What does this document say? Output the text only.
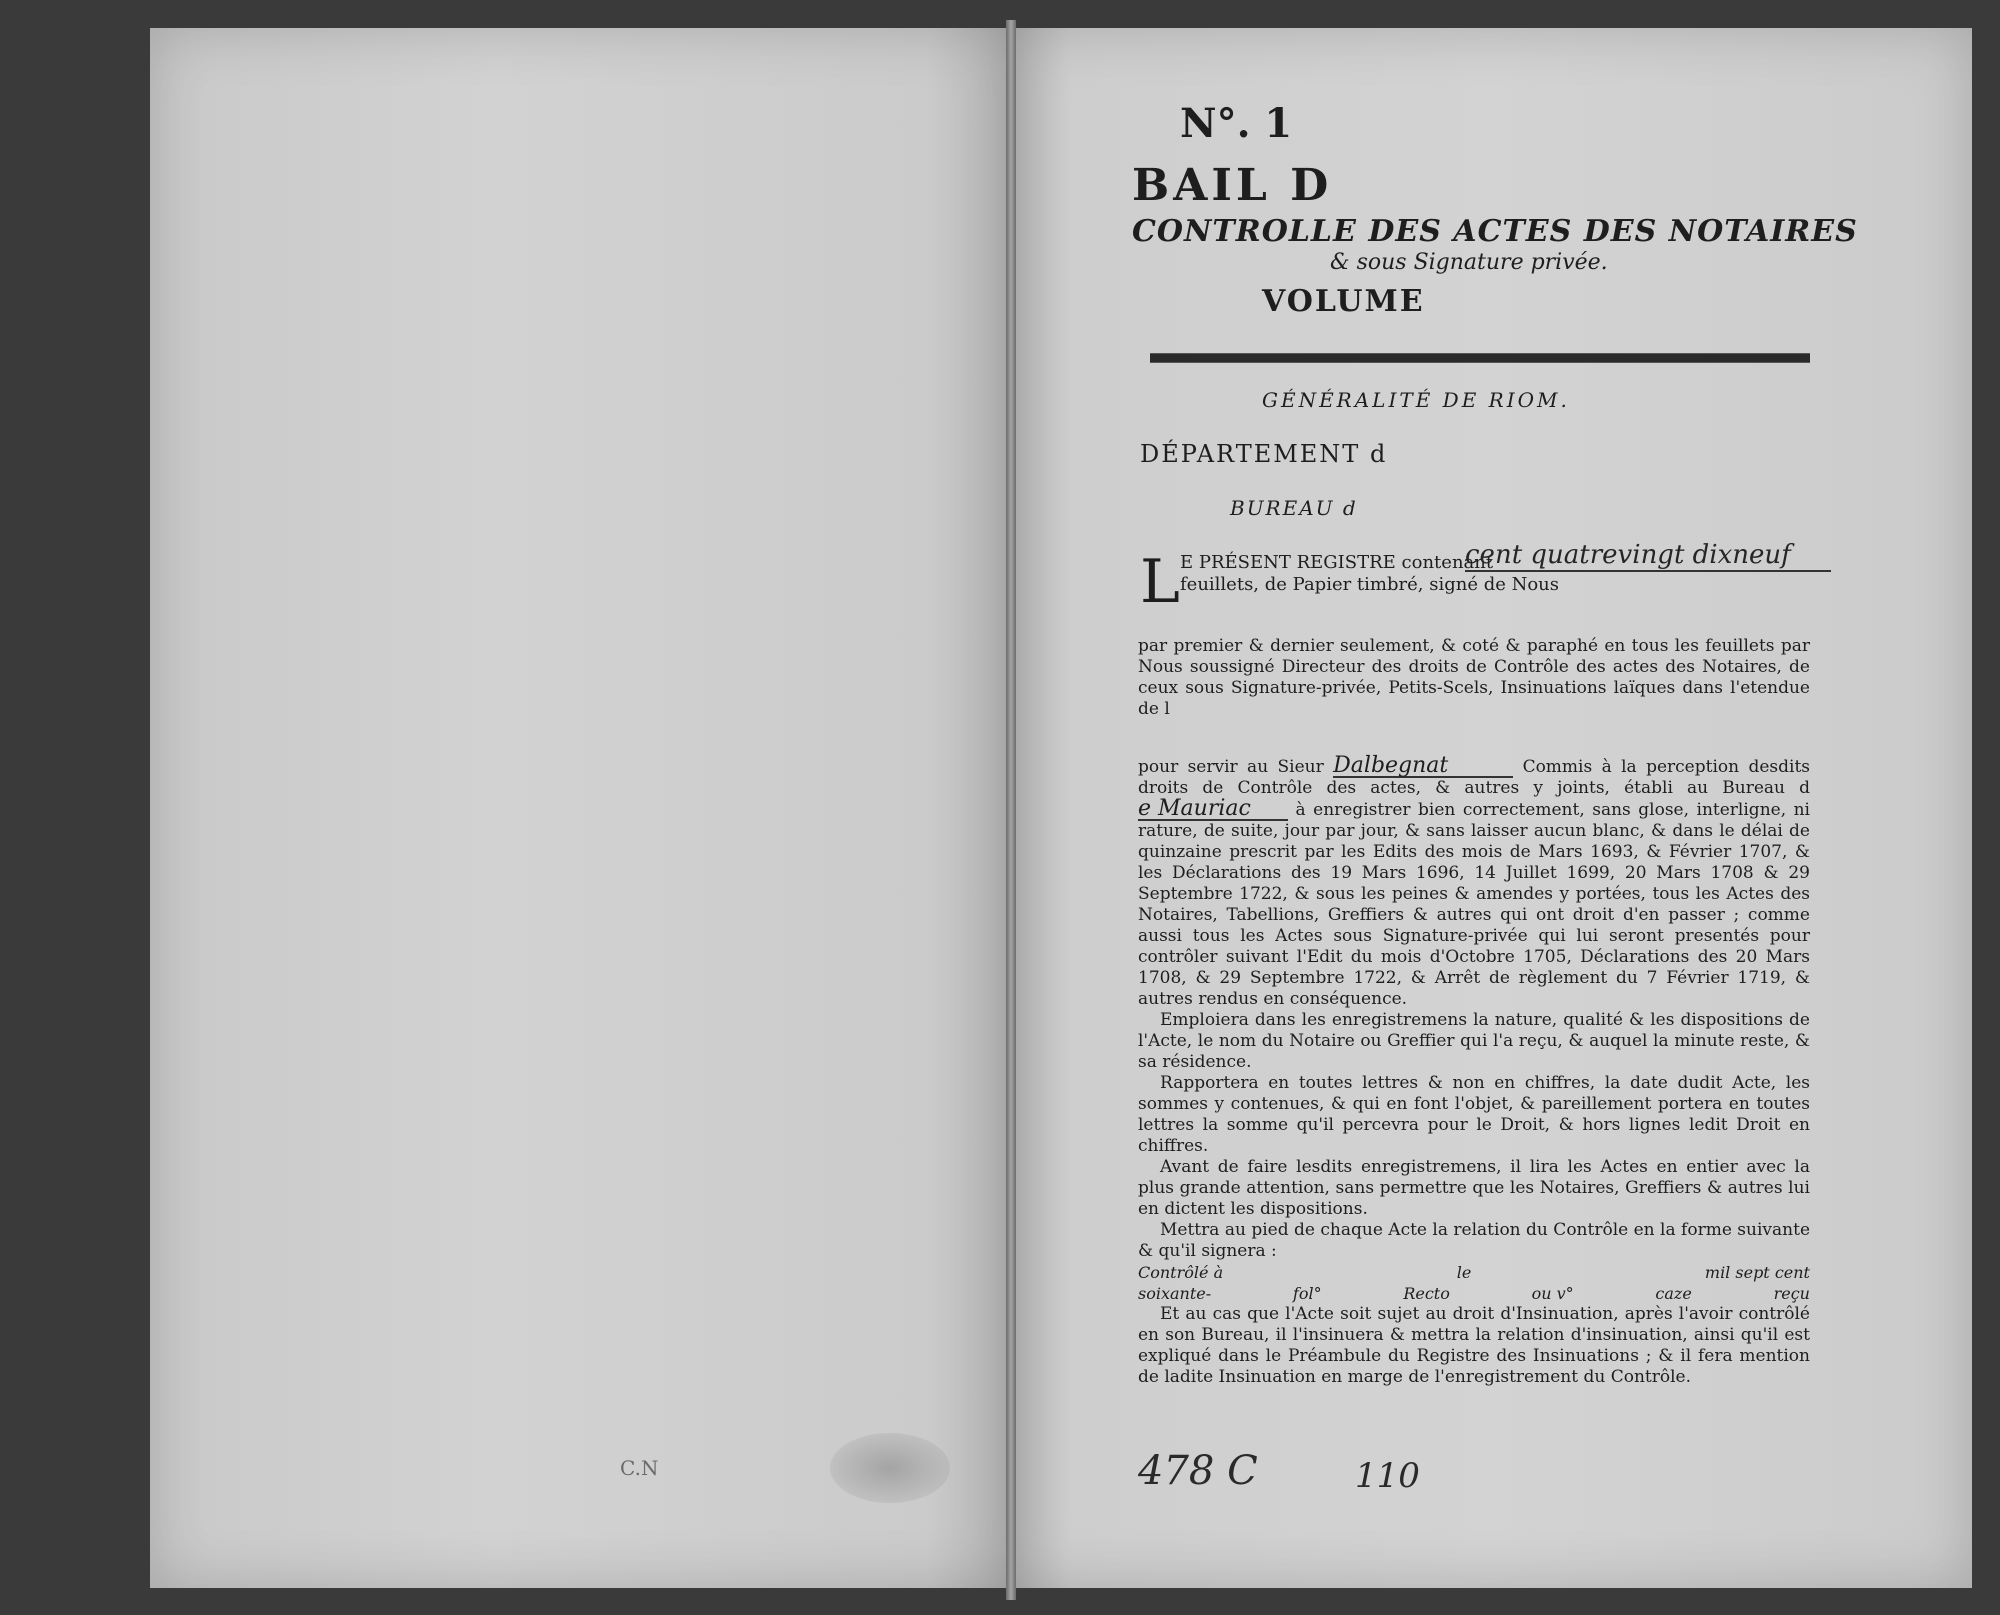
C.N
N°. 1
BAIL D
CONTROLLE DES ACTES DES NOTAIRES
& sous Signature privée.
VOLUME
GÉNÉRALITÉ DE RIOM.
DÉPARTEMENT d
BUREAU d
L E PRÉSENT REGISTRE contenant
feuillets, de Papier timbré, signé de Nous
cent quatrevingt dixneuf

par premier & dernier seulement, & coté & paraphé en tous les feuillets par Nous soussigné Directeur des droits de Contrôle des actes des Notaires, de ceux sous Signature-privée, Petits-Scels, Insinuations laïques dans l'etendue de l

pour servir au Sieur Dalbegnat	Commis à la perception desdits droits de Contrôle des actes, & autres y joints, établi au Bureau d e Mauriac	à enregistrer bien correctement, sans glose, interligne, ni rature, de suite, jour par jour, & sans laisser aucun blanc, & dans le délai de quinzaine prescrit par les Edits des mois de Mars 1693, & Février 1707, & les Déclarations des 19 Mars 1696, 14 Juillet 1699, 20 Mars 1708 & 29 Septembre 1722, & sous les peines & amendes y portées, tous les Actes des Notaires, Tabellions, Greffiers & autres qui ont droit d'en passer ; comme aussi tous les Actes sous Signature-privée qui lui seront presentés pour contrôler suivant l'Edit du mois d'Octobre 1705, Déclarations des 20 Mars 1708, & 29 Septembre 1722, & Arrêt de règlement du 7 Février 1719, & autres rendus en conséquence.

Emploiera dans les enregistremens la nature, qualité & les dispositions de l'Acte, le nom du Notaire ou Greffier qui l'a reçu, & auquel la minute reste, & sa résidence.

Rapportera en toutes lettres & non en chiffres, la date dudit Acte, les sommes y contenues, & qui en font l'objet, & pareillement portera en toutes lettres la somme qu'il percevra pour le Droit, & hors lignes ledit Droit en chiffres.

Avant de faire lesdits enregistremens, il lira les Actes en entier avec la plus grande attention, sans permettre que les Notaires, Greffiers & autres lui en dictent les dispositions.

Mettra au pied de chaque Acte la relation du Contrôle en la forme suivante & qu'il signera :

Contrôlé à	le	mil sept cent
soixante-	fol°	Recto	ou v°	caze	reçu

Et au cas que l'Acte soit sujet au droit d'Insinuation, après l'avoir contrôlé en son Bureau, il l'insinuera & mettra la relation d'insinuation, ainsi qu'il est expliqué dans le Préambule du Registre des Insinuations ; & il fera mention de ladite Insinuation en marge de l'enregistrement du Contrôle.

478 C	110
